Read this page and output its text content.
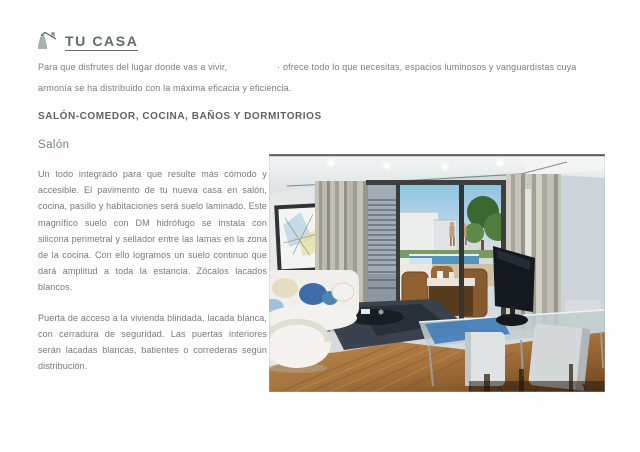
TU CASA
Para que disfrutes del lugar donde vas a vivir,	· ofrece todo lo que necesitas, espacios luminosos y vanguardistas cuya
armonía se ha distribuido con la máxima eficacia y eficiencia.
SALÓN-COMEDOR, COCINA, BAÑOS Y DORMITORIOS
Salón

Un todo integrado para que resulte más cómodo y accesible. El pavimento de tu nueva casa en salón, cocina, pasillo y habitaciones será suelo laminado. Este magnífico suelo con DM hidrófugo se instala con silicona perimetral y sellador entre las lamas en la zona de la cocina. Con ello logramos un suelo continuo que dará amplitud a toda la estancia. Zócalos lacados blancos.

Puerta de acceso a la vivienda blindada, lacada blanca, con cerradura de seguridad. Las puertas interiores serán lacadas blancas, batientes o correderas según distribución.
